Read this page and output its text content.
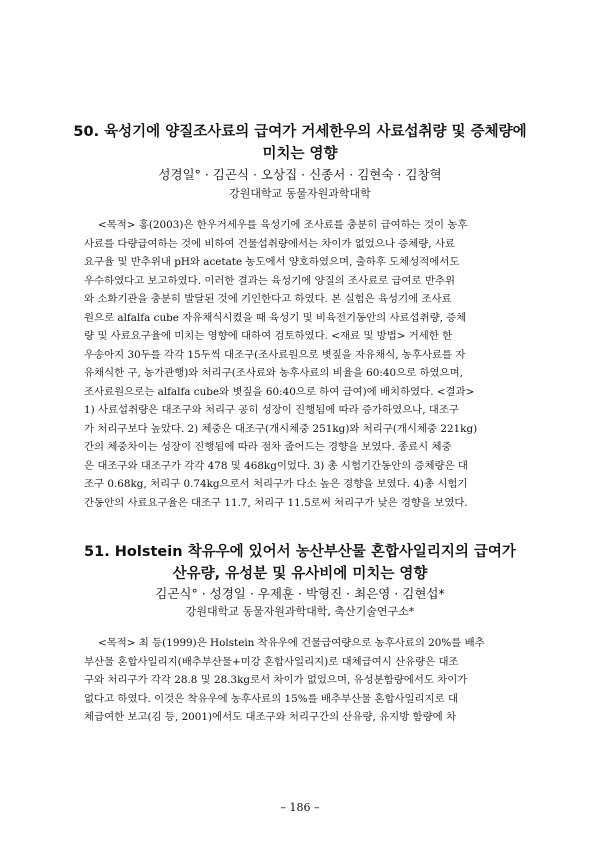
50. 육성기에 양질조사료의 급여가 거세한우의 사료섭취량 및 증체량에
미치는 영향
성경일° · 김곤식 · 오상집 · 신종서 · 김현숙 · 김창혁
강원대학교 동물자원과학대학
<목적> 홍(2003)은 한우거세우를 육성기에 조사료를 충분히 급여하는 것이 농후
사료를 다량급여하는 것에 비하여 건물섭취량에서는 차이가 없었으나 증체량, 사료
요구율 및 반추위내 pH와 acetate 농도에서 양호하였으며, 출하후 도체성적에서도
우수하였다고 보고하였다. 이러한 결과는 육성기에 양질의 조사료로 급여로 반추위
와 소화기관을 충분히 발달된 것에 기인한다고 하였다. 본 실험은 육성기에 조사료
원으로 alfalfa cube 자유채식시켰을 때 육성기 및 비육전기동안의 사료섭취량, 증체
량 및 사료요구율에 미치는 영향에 대하여 검토하였다. <재료 및 방법> 거세한 한
우송아지 30두를 각각 15두씩 대조구(조사료원으로 볏짚을 자유채식, 농후사료를 자
유채식한 구, 농가관행)와 처리구(조사료와 농후사료의 비율을 60:40으로 하였으며,
조사료원으로는 alfalfa cube와 볏짚을 60:40으로 하여 급여)에 배치하였다. <결과>
1) 사료섭취량은 대조구와 처리구 공히 성장이 진행됨에 따라 증가하였으나, 대조구
가 처리구보다 높았다. 2) 체중은 대조구(개시체중 251kg)와 처리구(개시체중 221kg)
간의 체중차이는 성장이 진행됨에 따라 점차 줄어드는 경향을 보였다. 종료시 체중
은 대조구와 대조구가 각각 478 및 468kg이었다. 3) 총 시험기간동안의 증체량은 대
조구 0.68kg, 처리구 0.74kg으로서 처리구가 다소 높은 경향을 보였다. 4)총 시험기
간동안의 사료요구율은 대조구 11.7, 처리구 11.5로써 처리구가 낮은 경향을 보였다.
51. Holstein 착유우에 있어서 농산부산물 혼합사일리지의 급여가
산유량, 유성분 및 유사비에 미치는 영향
김곤식° · 성경일 · 우제훈 · 박형진 · 최은영 · 김현섭*
강원대학교 동물자원과학대학, 축산기술연구소*
<목적> 최 등(1999)은 Holstein 착유우에 건물급여량으로 농후사료의 20%를 배추
부산물 혼합사일리지(배추부산물+미강 혼합사일리지)로 대체급여시 산유량은 대조
구와 처리구가 각각 28.8 및 28.3kg로서 차이가 없었으며, 유성분함량에서도 차이가
없다고 하였다. 이것은 착유우에 농후사료의 15%를 배추부산물 혼합사일리지로 대
체급여한 보고(김 등, 2001)에서도 대조구와 처리구간의 산유량, 유지방 함량에 차
– 186 –
